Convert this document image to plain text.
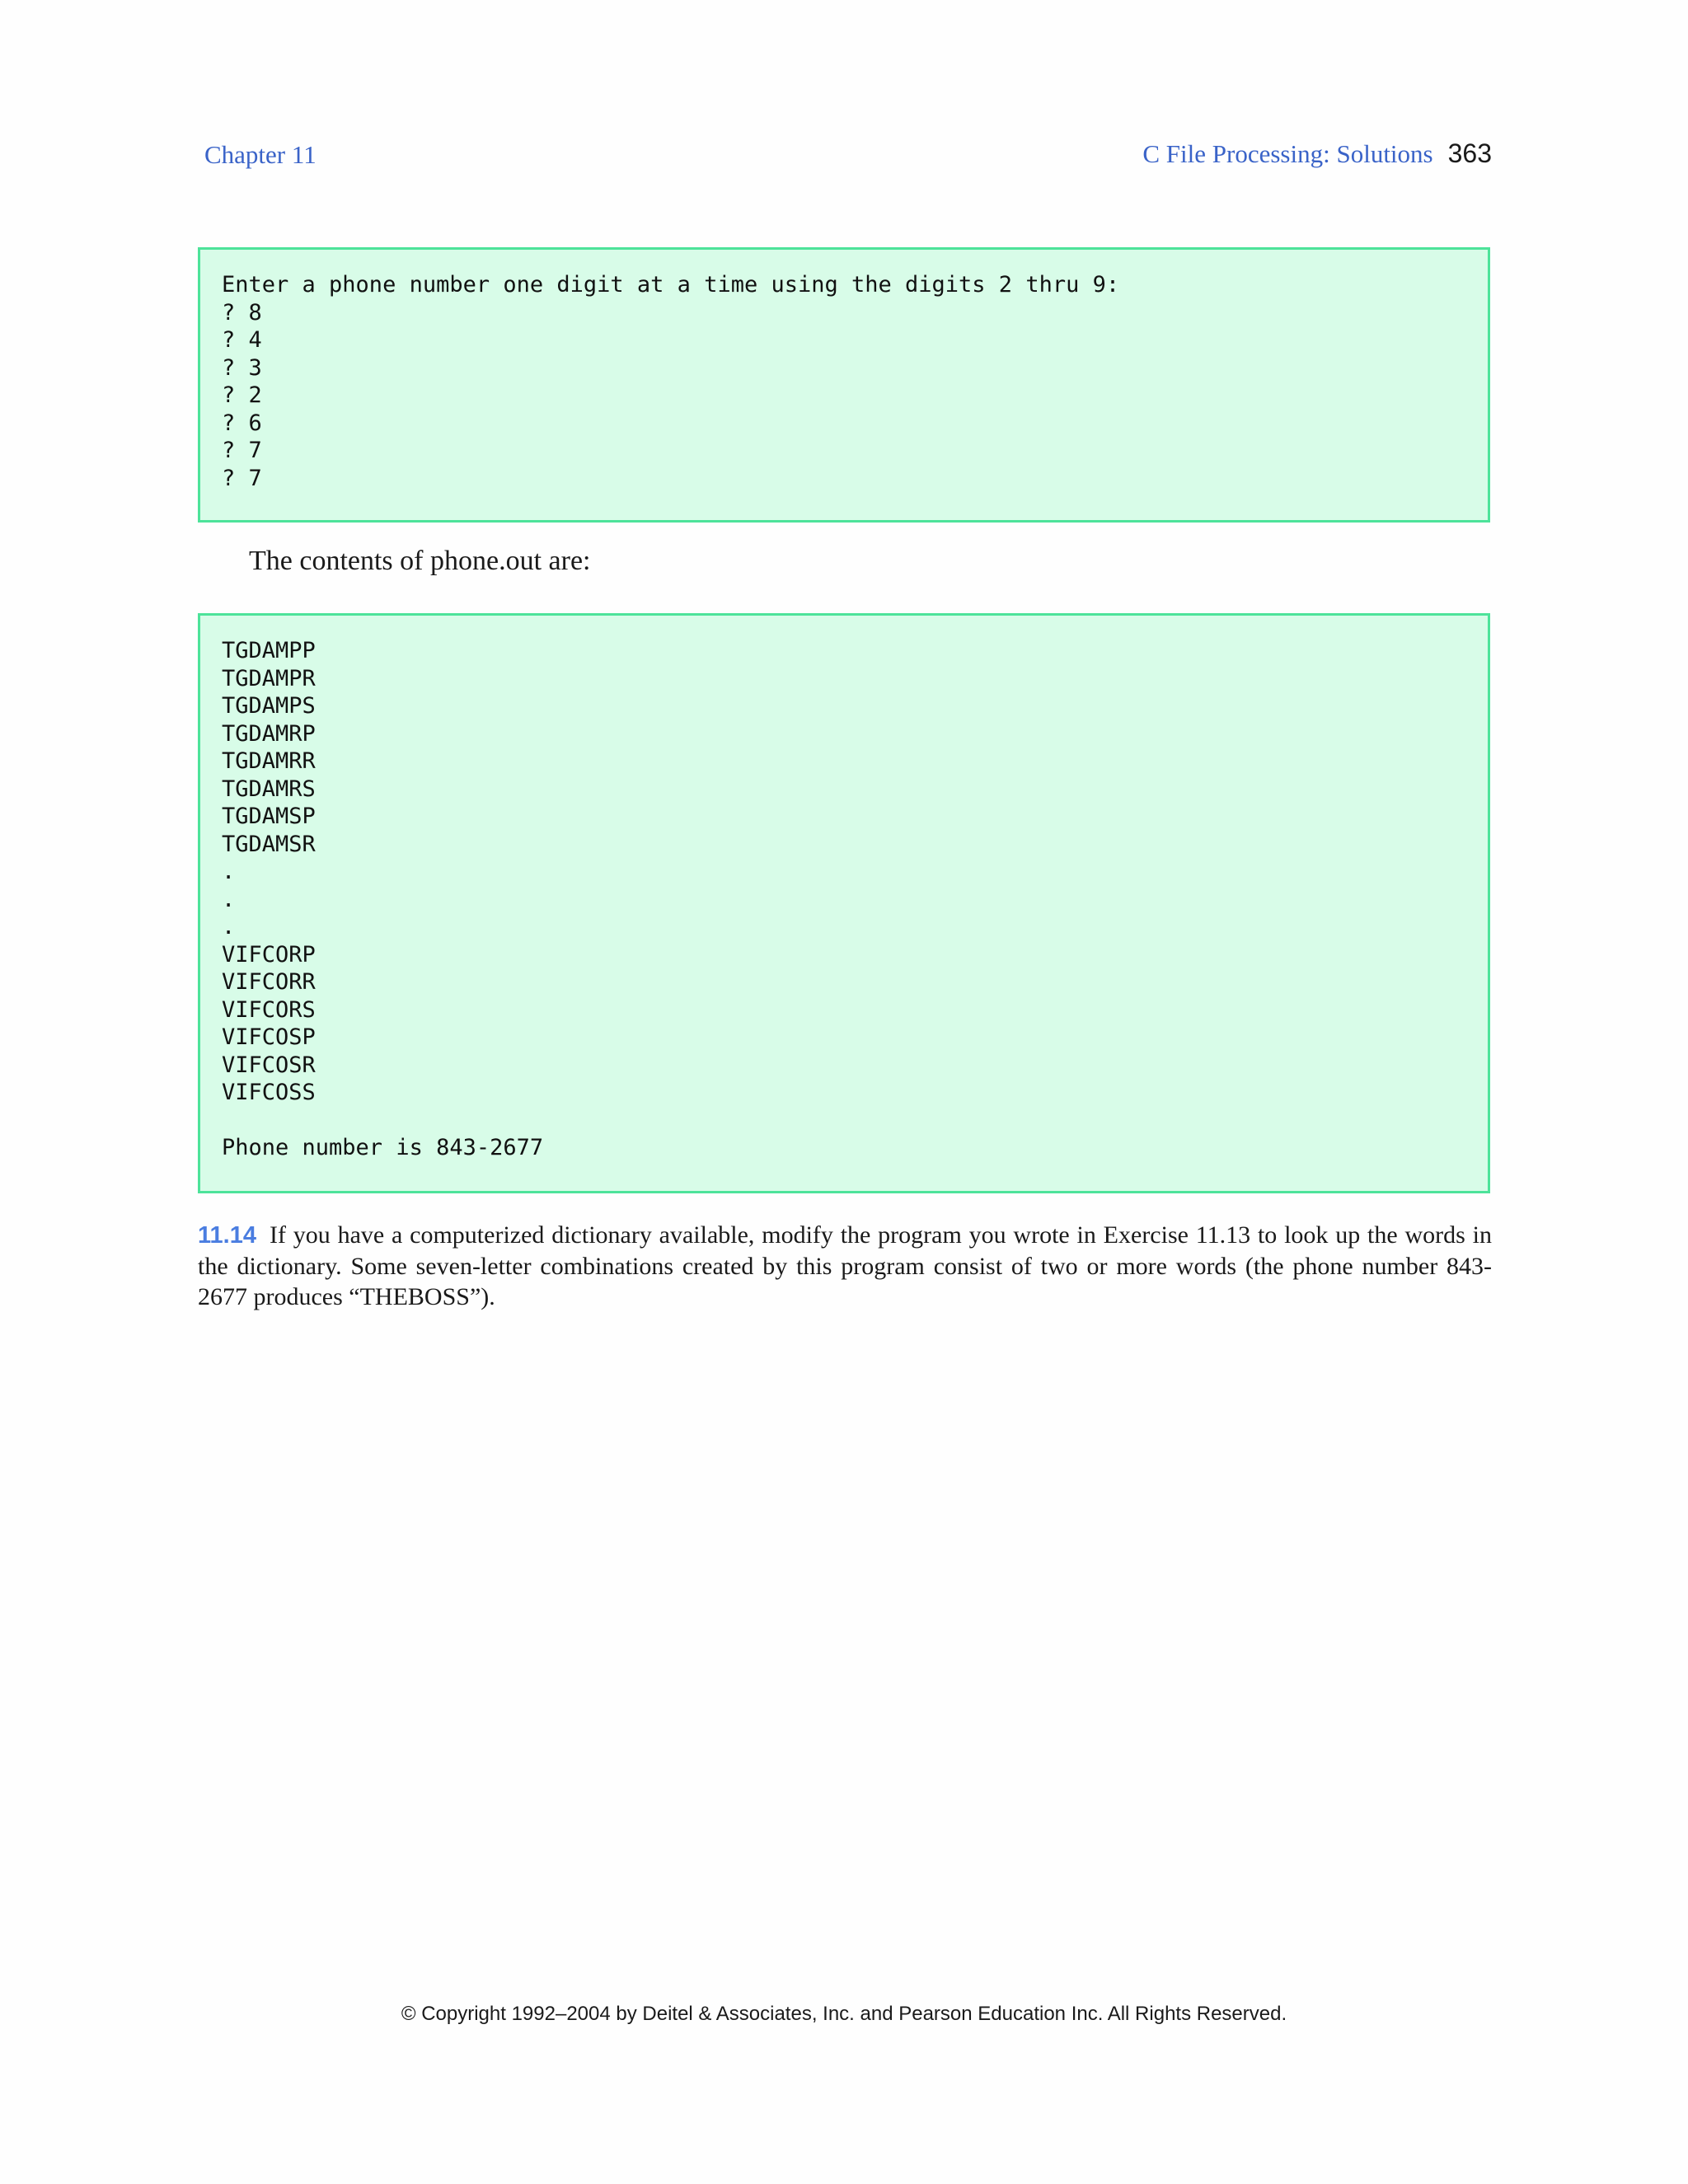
Chapter 11	C File Processing: Solutions 363
Enter a phone number one digit at a time using the digits 2 thru 9:
? 8
? 4
? 3
? 2
? 6
? 7
? 7
The contents of phone.out are:
TGDAMPP
TGDAMPR
TGDAMPS
TGDAMRP
TGDAMRR
TGDAMRS
TGDAMSP
TGDAMSR
.
.
.
VIFCORP
VIFCORR
VIFCORS
VIFCOSP
VIFCOSR
VIFCOSS

Phone number is 843-2677
11.14 If you have a computerized dictionary available, modify the program you wrote in Exercise 11.13 to look up the words in the dictionary. Some seven-letter combinations created by this program consist of two or more words (the phone number 843-2677 produces “THEBOSS”).
© Copyright 1992–2004 by Deitel & Associates, Inc. and Pearson Education Inc. All Rights Reserved.
